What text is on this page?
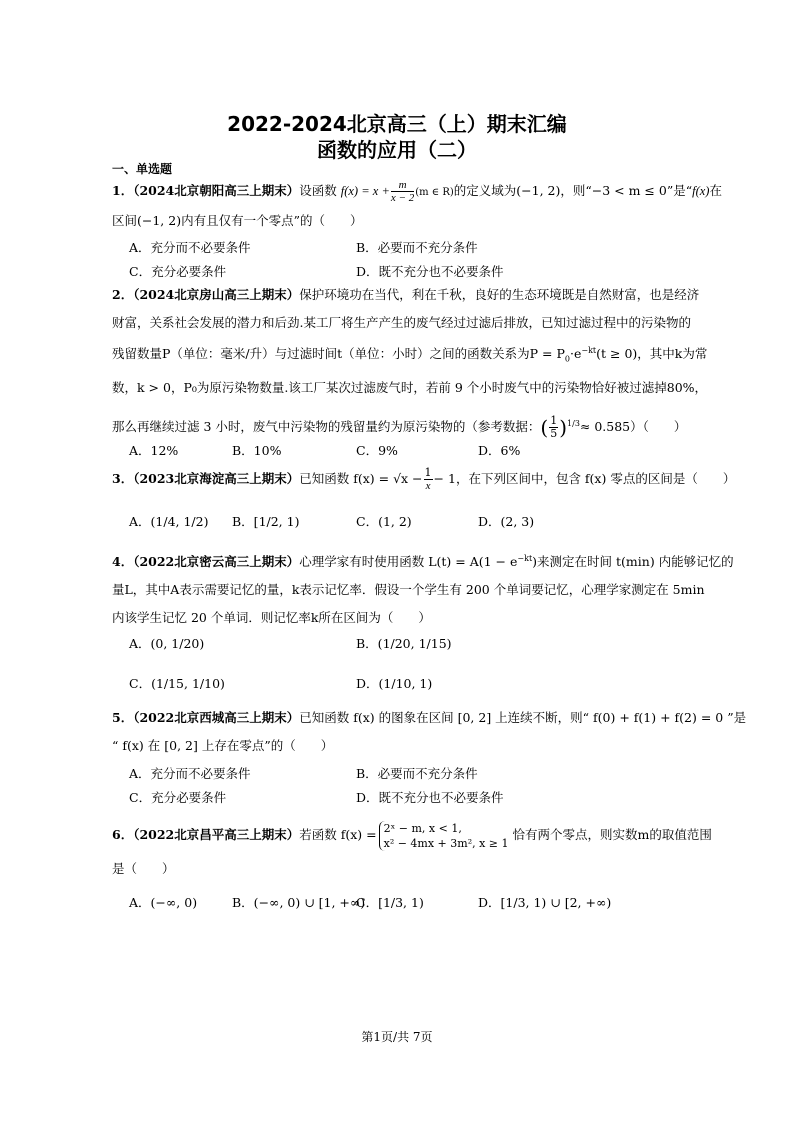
2022-2024北京高三（上）期末汇编
函数的应用（二）
一、单选题
1．（2024北京朝阳高三上期末）设函数 $f(x) = x + \frac{m}{x - 2} (m$ ∈ R)的定义域为(−1, 2)，则“−3 < m ≤ 0”是“f(x)在
区间(−1, 2)内有且仅有一个零点”的（　　）
A．充分而不必要条件	B．必要而不充分条件
C．充分必要条件	D．既不充分也不必要条件
2．（2024北京房山高三上期末）保护环境功在当代，利在千秋，良好的生态环境既是自然财富，也是经济
财富，关系社会发展的潜力和后劲.某工厂将生产产生的废气经过过滤后排放，已知过滤过程中的污染物的
残留数量P（单位：毫米/升）与过滤时间t（单位：小时）之间的函数关系为$P = P_0\cdot e^{-kt}(t \ge 0)$，其中k为常
数，k > 0，P₀为原污染物数量.该工厂某次过滤废气时，若前 9 个小时废气中的污染物恰好被过滤掉80%，
那么再继续过滤 3 小时，废气中污染物的残留量约为原污染物的（参考数据：( $\frac{1}{5} )^{1/3}\approx 0.585$）（　　）
A．12%	B．10%	C．9%	D．6%
3．（2023北京海淀高三上期末）已知函数 $f(x) = √x - \frac{1}{x} - 1$，在下列区间中，包含 f(x) 零点的区间是（　　）
A．(1/4, 1/2) B．[1/2, 1)	C．(1, 2)	D．(2, 3)
4．（2022北京密云高三上期末）心理学家有时使用函数 $L(t) = A(1 - e^{-kt})$来测定在时间 t(min) 内能够记忆的
量L，其中A表示需要记忆的量，k表示记忆率．假设一个学生有 200 个单词要记忆，心理学家测定在 5min
内该学生记忆 20 个单词．则记忆率k所在区间为（　　）
A．(0, 1/20)	B．(1/20, 1/15)
C．(1/15, 1/10)	D．(1/10, 1)
5．（2022北京西城高三上期末）已知函数 f(x) 的图象在区间 [0, 2] 上连续不断，则“ f(0) + f(1) + f(2) = 0 ”是
“ f(x) 在 [0, 2] 上存在零点”的（　　）
A．充分而不必要条件	B．必要而不充分条件
C．充分必要条件	D．既不充分也不必要条件
6．（2022北京昌平高三上期末）若函数 f(x) = 2ˣ − m, x < 1,
x² − 4mx + 3m², x ≥ 1
恰有两个零点，则实数m的取值范围
是（　　）
A．(−∞, 0)	B．(−∞, 0) ∪ [1, +∞)
C．[1/3, 1)	D．[1/3, 1) ∪ [2, +∞)
第1页/共 7页
